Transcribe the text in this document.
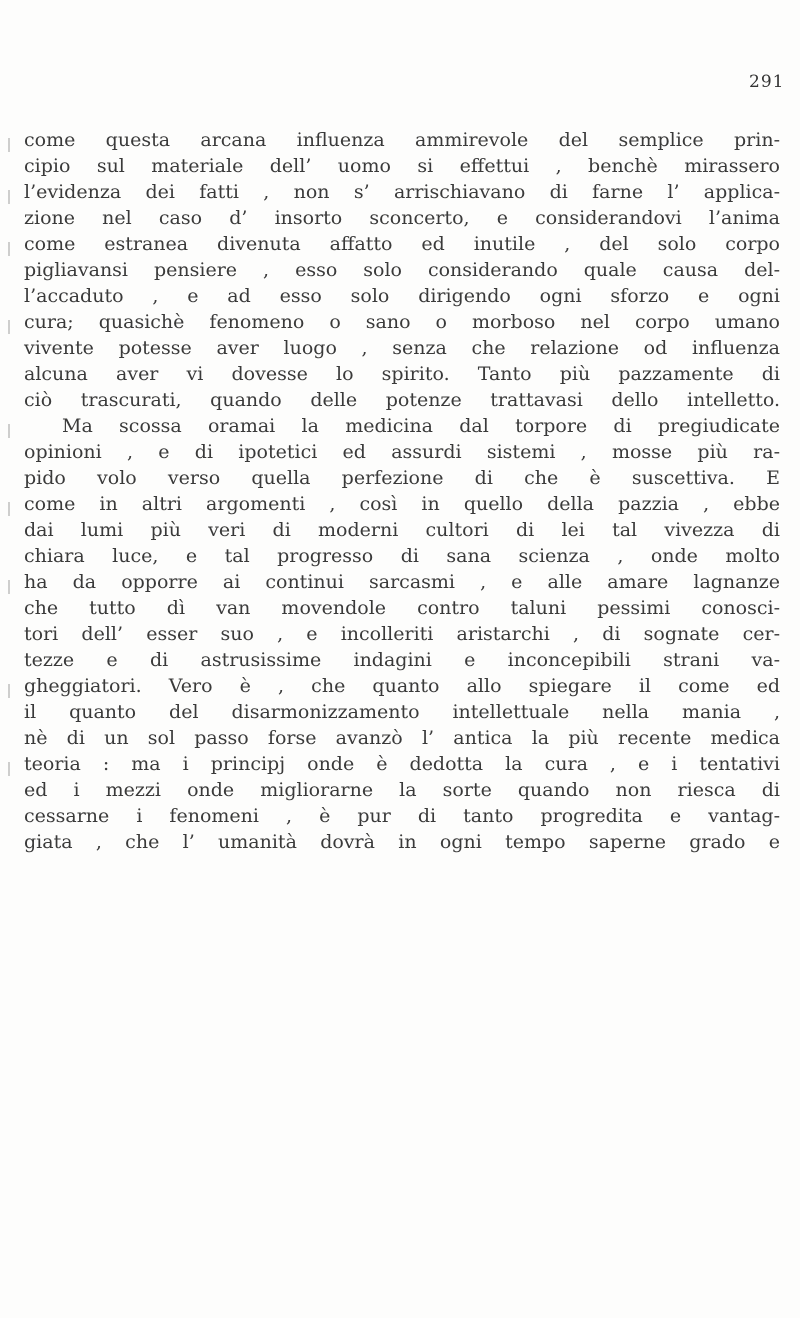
291
come questa arcana influenza ammirevole del semplice prin-
cipio sul materiale dell’ uomo si effettui , benchè mirassero
l’evidenza dei fatti , non s’ arrischiavano di farne l’ applica-
zione nel caso d’ insorto sconcerto, e considerandovi l’anima
come estranea divenuta affatto ed inutile , del solo corpo
pigliavansi pensiere , esso solo considerando quale causa del-
l’accaduto , e ad esso solo dirigendo ogni sforzo e ogni
cura; quasichè fenomeno o sano o morboso nel corpo umano
vivente potesse aver luogo , senza che relazione od influenza
alcuna aver vi dovesse lo spirito. Tanto più pazzamente di
ciò trascurati, quando delle potenze trattavasi dello intelletto.
Ma scossa oramai la medicina dal torpore di pregiudicate
opinioni , e di ipotetici ed assurdi sistemi , mosse più ra-
pido volo verso quella perfezione di che è suscettiva. E
come in altri argomenti , così in quello della pazzia , ebbe
dai lumi più veri di moderni cultori di lei tal vivezza di
chiara luce, e tal progresso di sana scienza , onde molto
ha da opporre ai continui sarcasmi , e alle amare lagnanze
che tutto dì van movendole contro taluni pessimi conosci-
tori dell’ esser suo , e incolleriti aristarchi , di sognate cer-
tezze e di astrusissime indagini e inconcepibili strani va-
gheggiatori. Vero è , che quanto allo spiegare il come ed
il quanto del disarmonizzamento intellettuale nella mania ,
nè di un sol passo forse avanzò l’ antica la più recente medica
teoria : ma i principj onde è dedotta la cura , e i tentativi
ed i mezzi onde migliorarne la sorte quando non riesca di
cessarne i fenomeni , è pur di tanto progredita e vantag-
giata , che l’ umanità dovrà in ogni tempo saperne grado e
